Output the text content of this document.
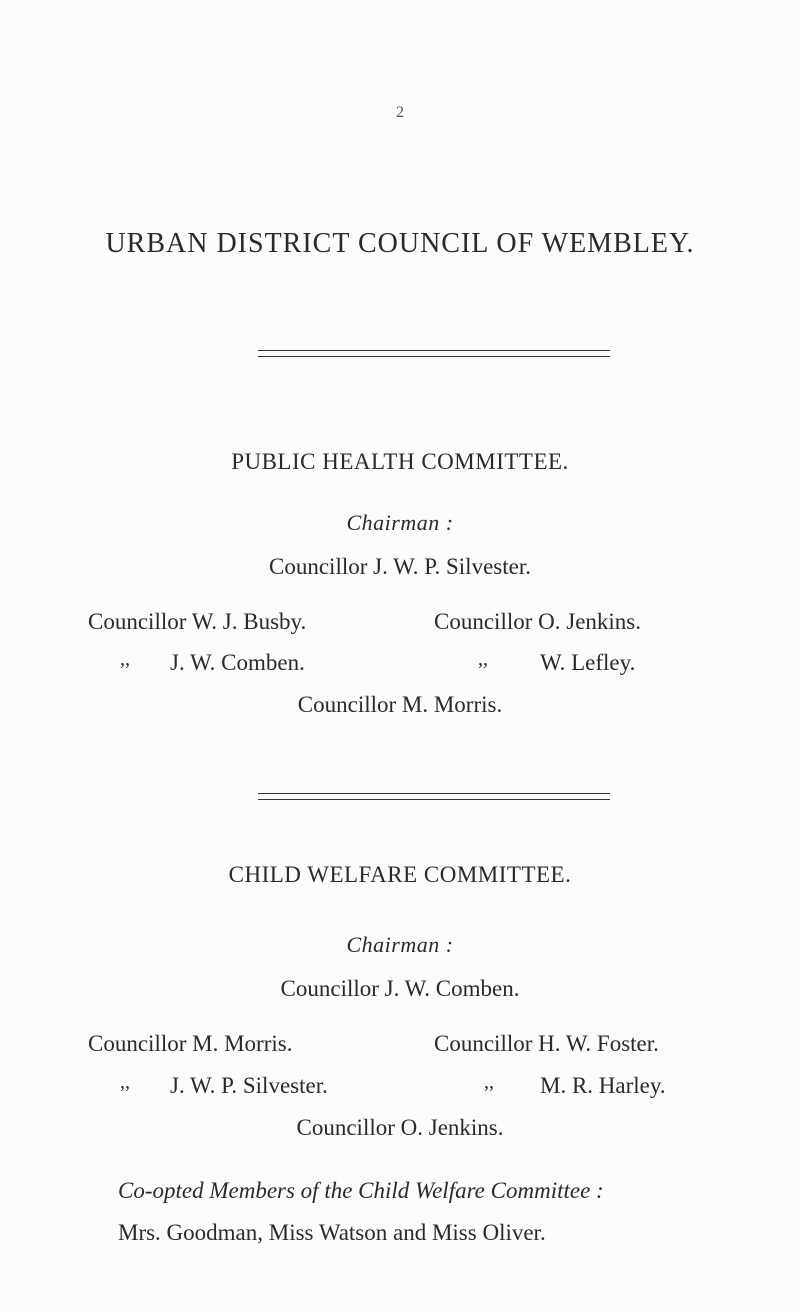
2
URBAN DISTRICT COUNCIL OF WEMBLEY.
PUBLIC HEALTH COMMITTEE.
Chairman :
Councillor J. W. P. Silvester.
Councillor W. J. Busby.	Councillor O. Jenkins.
,, J. W. Comben.	,, W. Lefley.
Councillor M. Morris.
CHILD WELFARE COMMITTEE.
Chairman :
Councillor J. W. Comben.
Councillor M. Morris.	Councillor H. W. Foster.
,, J. W. P. Silvester.	,, M. R. Harley.
Councillor O. Jenkins.
Co-opted Members of the Child Welfare Committee :
Mrs. Goodman, Miss Watson and Miss Oliver.
